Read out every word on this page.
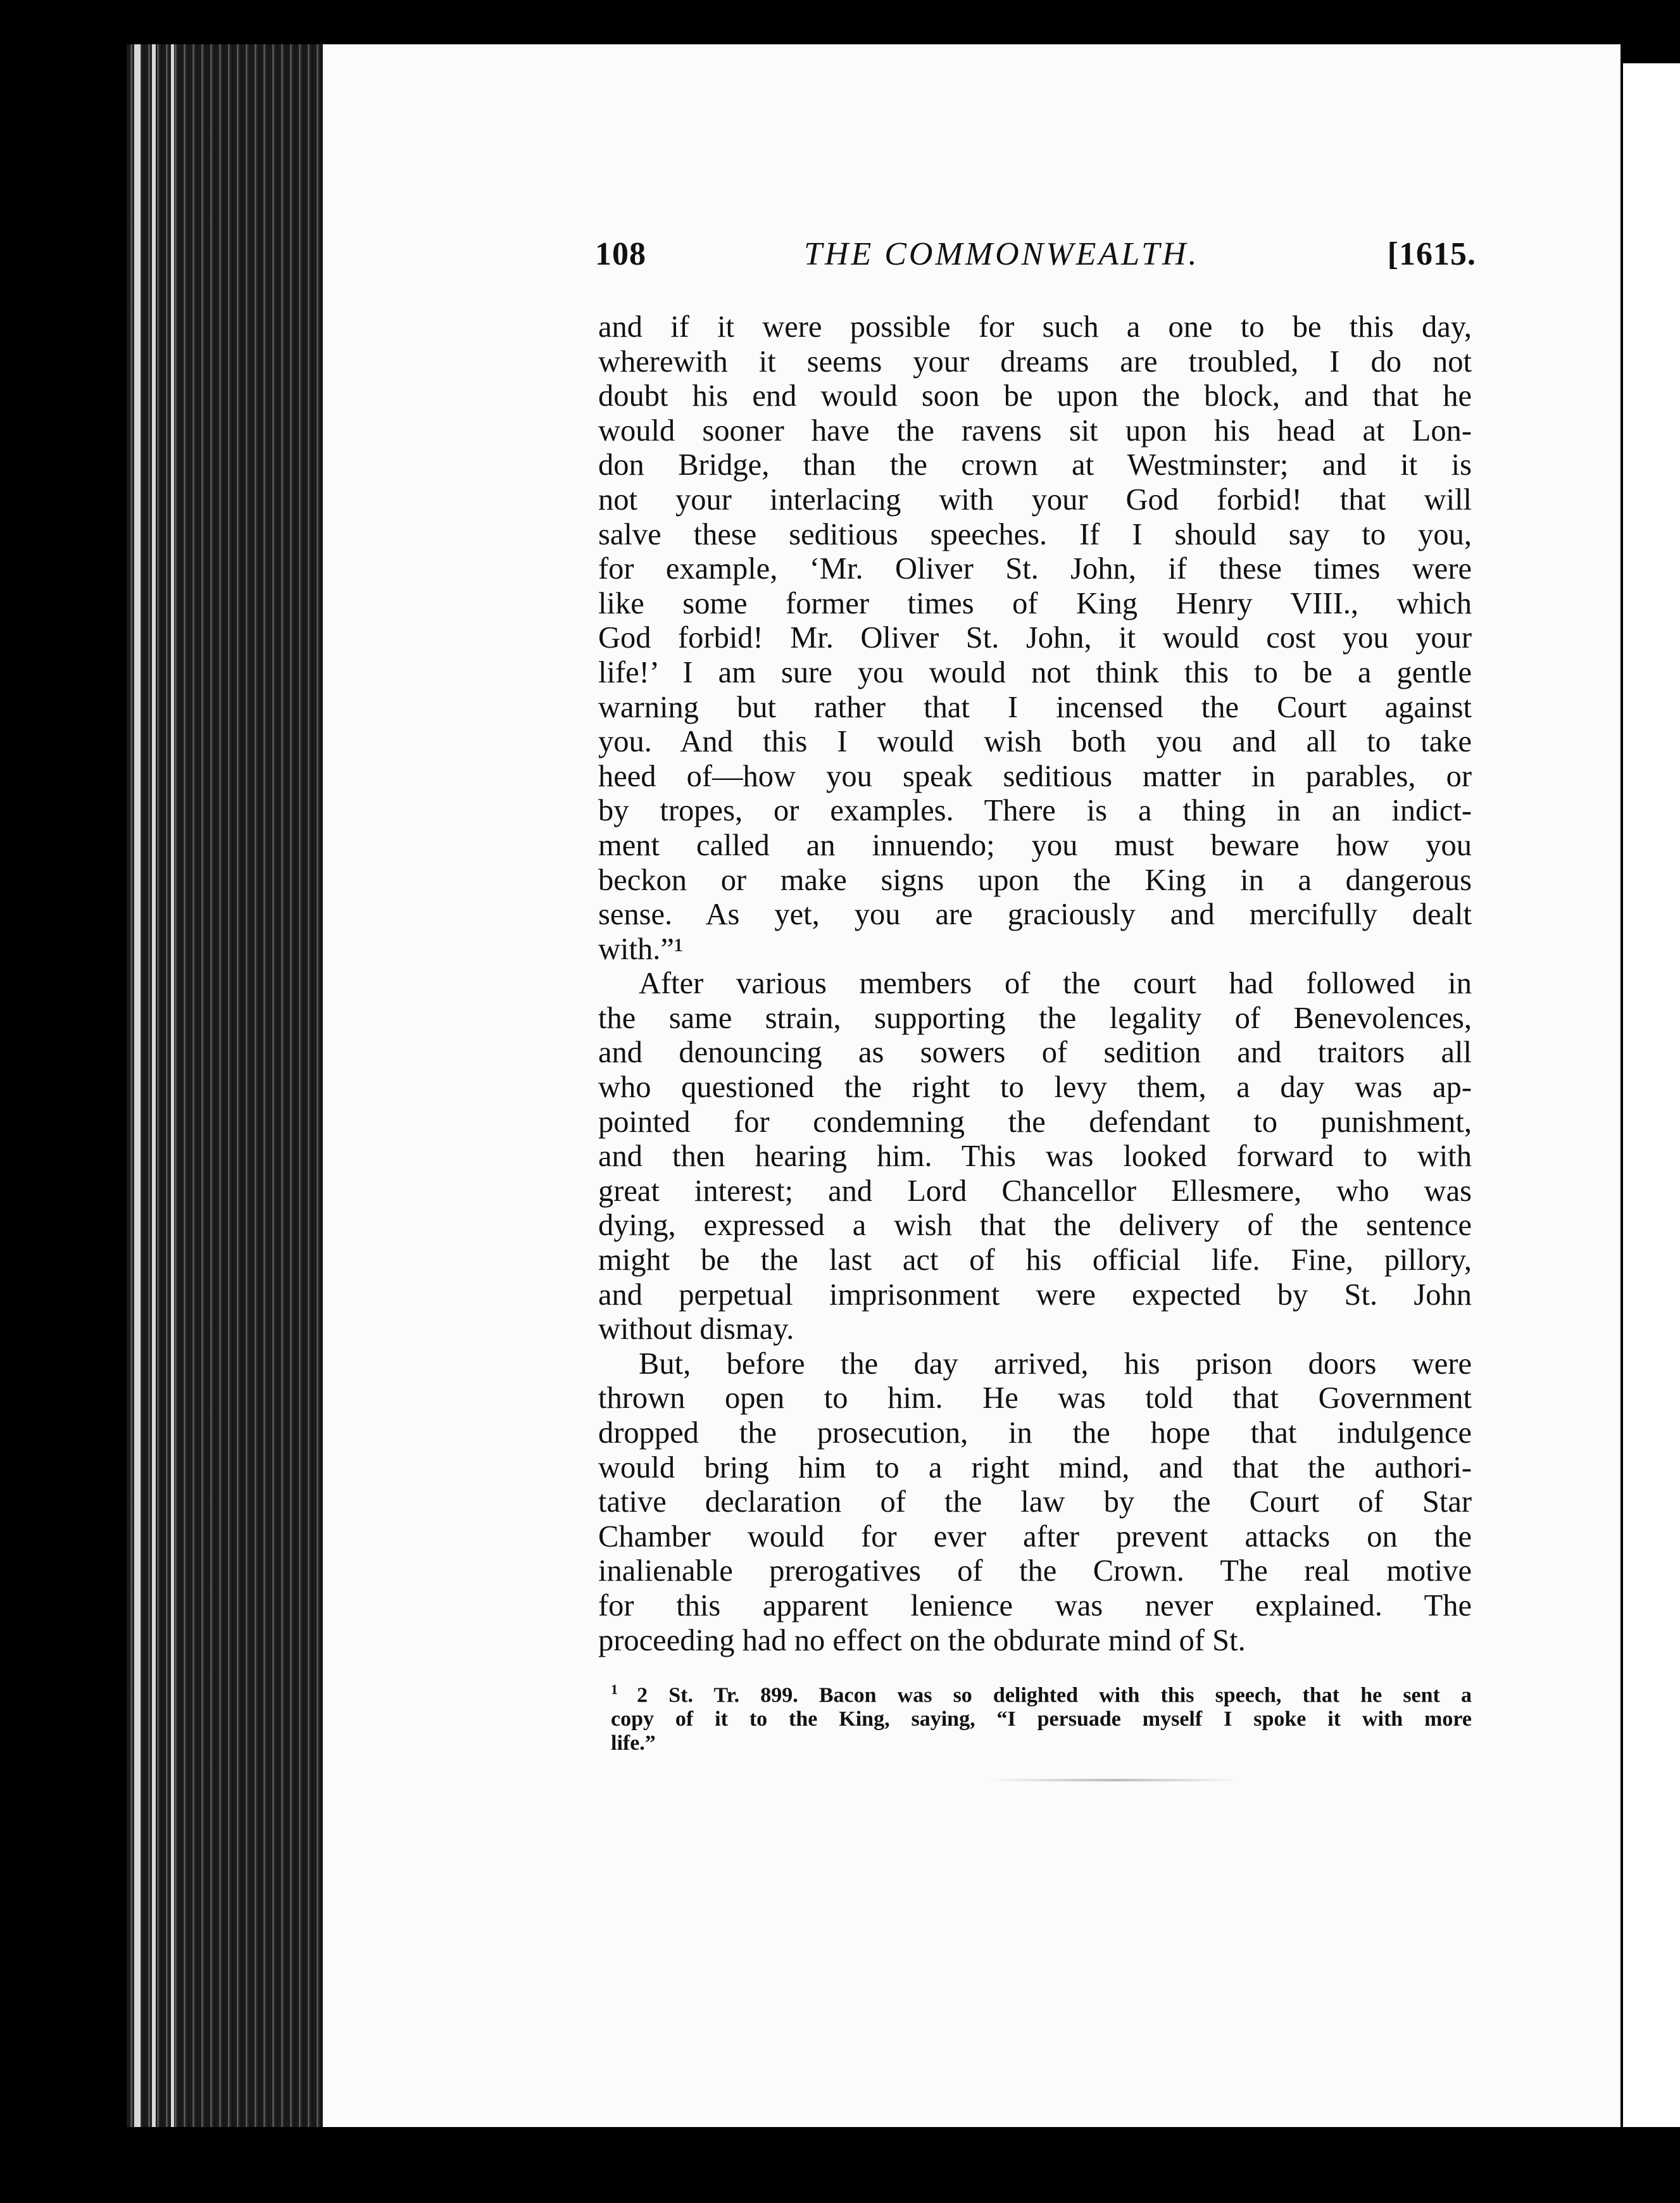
108	THE COMMONWEALTH.	[1615.
and if it were possible for such a one to be this day,
wherewith it seems your dreams are troubled, I do not
doubt his end would soon be upon the block, and that he
would sooner have the ravens sit upon his head at Lon-
don Bridge, than the crown at Westminster; and it is
not your interlacing with your God forbid! that will
salve these seditious speeches. If I should say to you,
for example, ‘Mr. Oliver St. John, if these times were
like some former times of King Henry VIII., which
God forbid! Mr. Oliver St. John, it would cost you your
life!’ I am sure you would not think this to be a gentle
warning but rather that I incensed the Court against
you. And this I would wish both you and all to take
heed of—how you speak seditious matter in parables, or
by tropes, or examples. There is a thing in an indict-
ment called an innuendo; you must beware how you
beckon or make signs upon the King in a dangerous
sense. As yet, you are graciously and mercifully dealt
with.”¹
After various members of the court had followed in
the same strain, supporting the legality of Benevolences,
and denouncing as sowers of sedition and traitors all
who questioned the right to levy them, a day was ap-
pointed for condemning the defendant to punishment,
and then hearing him. This was looked forward to with
great interest; and Lord Chancellor Ellesmere, who was
dying, expressed a wish that the delivery of the sentence
might be the last act of his official life. Fine, pillory,
and perpetual imprisonment were expected by St. John
without dismay.
But, before the day arrived, his prison doors were
thrown open to him. He was told that Government
dropped the prosecution, in the hope that indulgence
would bring him to a right mind, and that the authori-
tative declaration of the law by the Court of Star
Chamber would for ever after prevent attacks on the
inalienable prerogatives of the Crown. The real motive
for this apparent lenience was never explained. The
proceeding had no effect on the obdurate mind of St.
$^1$ 2 St. Tr. 899. Bacon was so delighted with this speech, that he sent a
copy of it to the King, saying, “I persuade myself I spoke it with more
life.”
